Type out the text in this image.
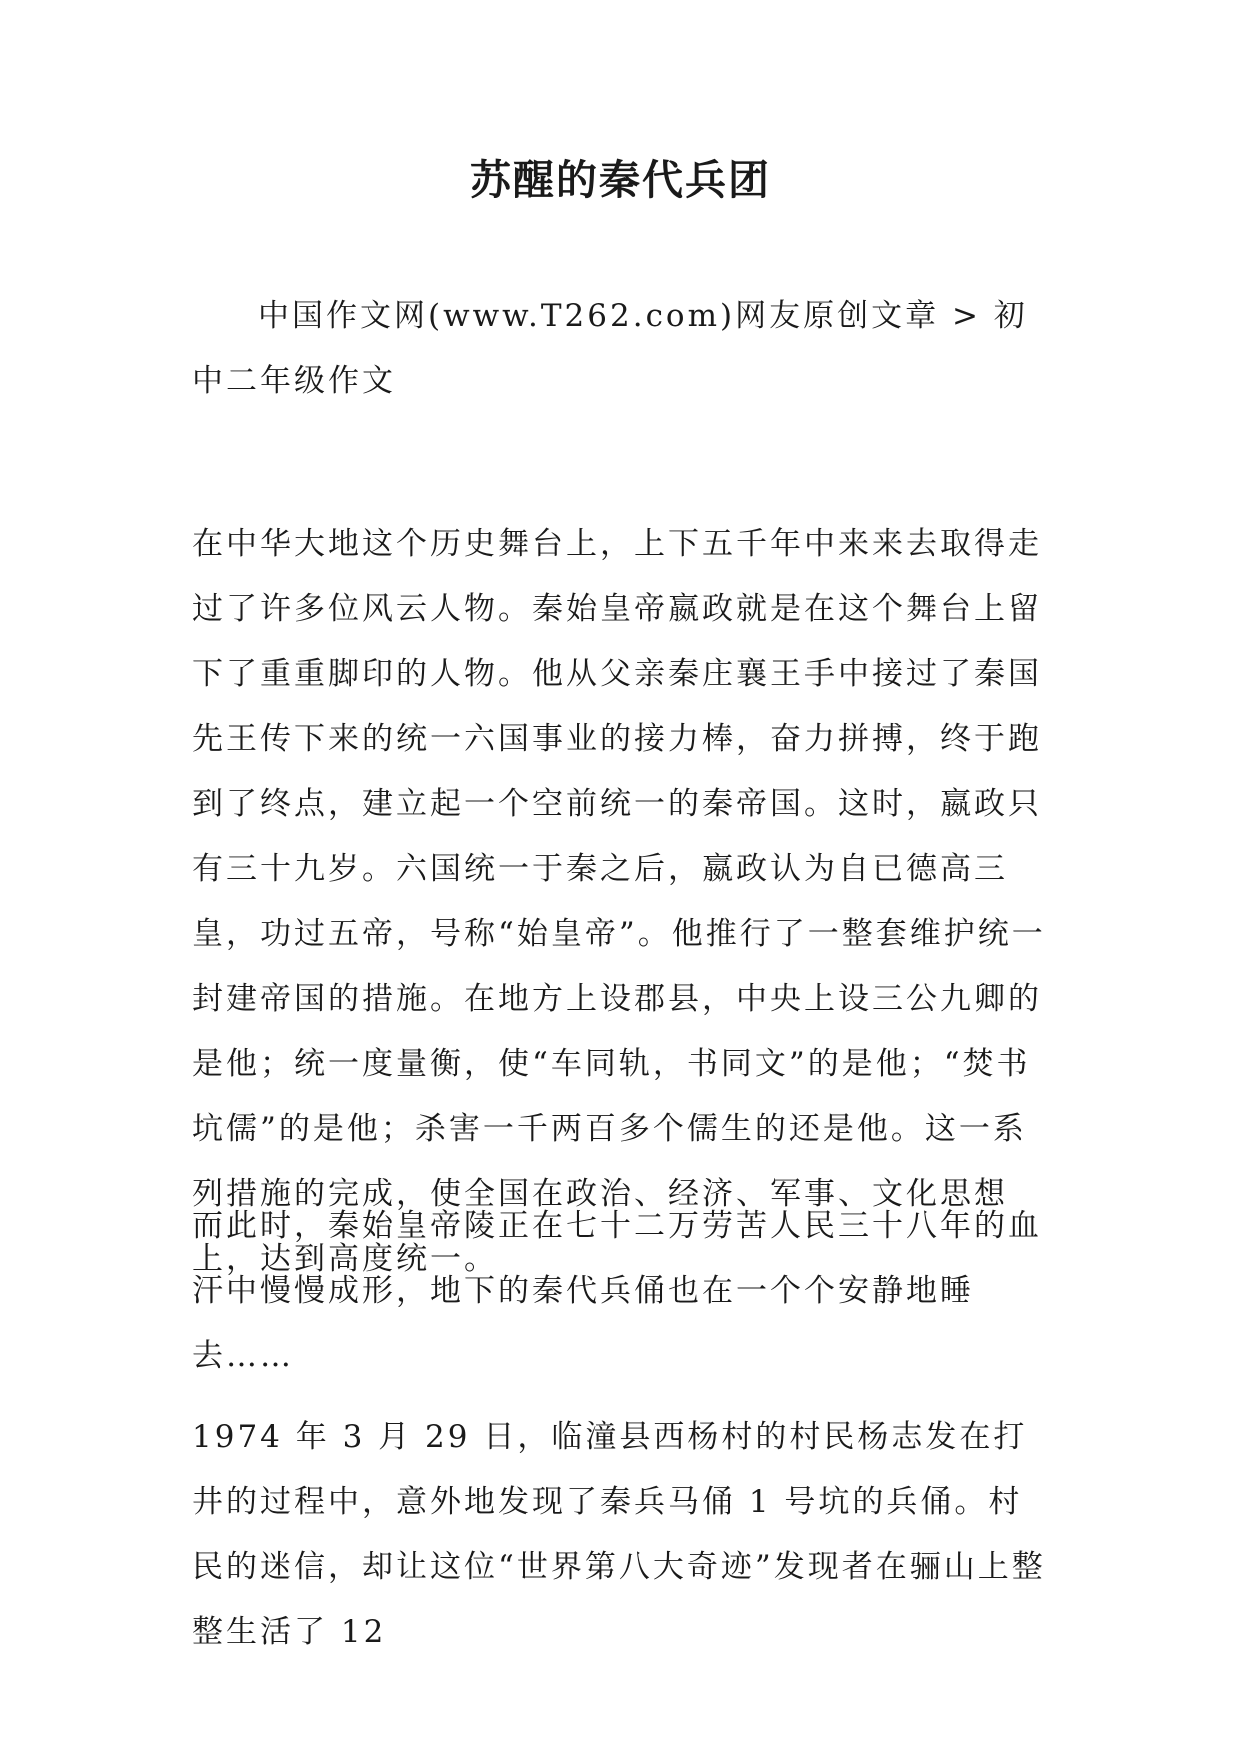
苏醒的秦代兵团

中国作文网(www.T262.com)网友原创文章 > 初中二年级作文

在中华大地这个历史舞台上，上下五千年中来来去取得走过了许多位风云人物。秦始皇帝嬴政就是在这个舞台上留下了重重脚印的人物。他从父亲秦庄襄王手中接过了秦国先王传下来的统一六国事业的接力棒，奋力拼搏，终于跑到了终点，建立起一个空前统一的秦帝国。这时，嬴政只有三十九岁。六国统一于秦之后，嬴政认为自已德高三皇，功过五帝，号称“始皇帝”。他推行了一整套维护统一封建帝国的措施。在地方上设郡县，中央上设三公九卿的是他；统一度量衡，使“车同轨，书同文”的是他；“焚书坑儒”的是他；杀害一千两百多个儒生的还是他。这一系列措施的完成，使全国在政治、经济、军事、文化思想上，达到高度统一。

而此时，秦始皇帝陵正在七十二万劳苦人民三十八年的血汗中慢慢成形，地下的秦代兵俑也在一个个安静地睡去……

1974 年 3 月 29 日，临潼县西杨村的村民杨志发在打井的过程中，意外地发现了秦兵马俑 1 号坑的兵俑。村民的迷信，却让这位“世界第八大奇迹”发现者在骊山上整整生活了 12
